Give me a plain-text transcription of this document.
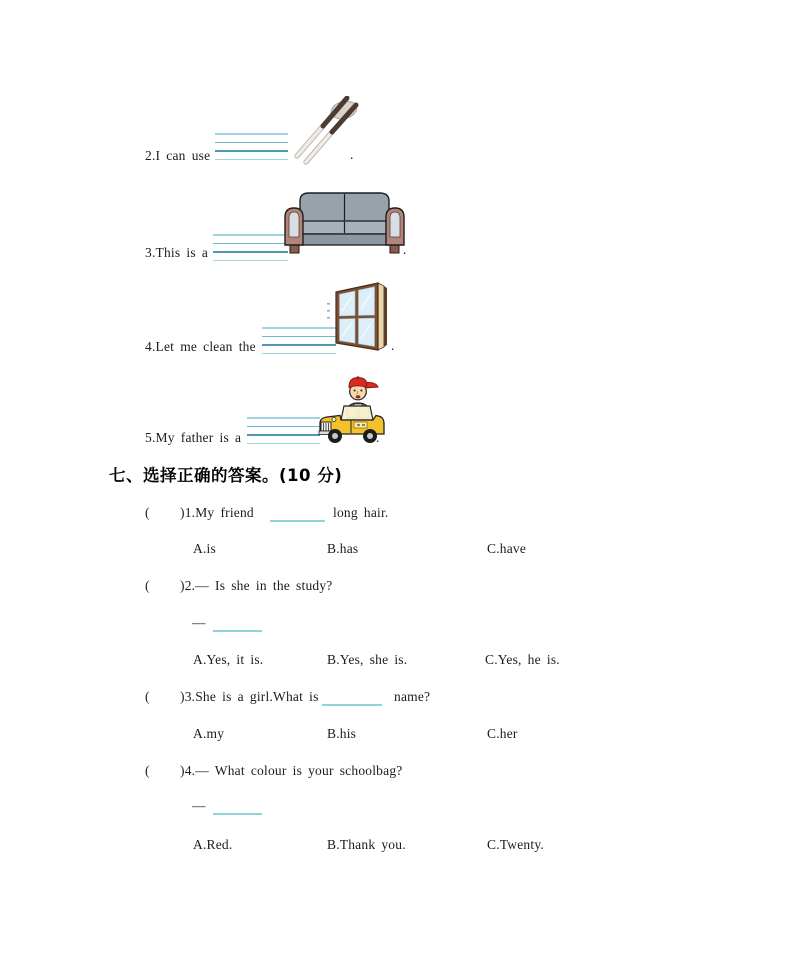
2.I can use	.
3.This is a	.
4.Let me clean the	.
5.My father is a	.
七、选择正确的答案。(10 分)
( )1.My friend	long hair.
A.is	B.has	C.have
( )2.— Is she in the study?
—
A.Yes, it is.	B.Yes, she is.	C.Yes, he is.
( )3.She is a girl.What is	name?
A.my	B.his	C.her
( )4.— What colour is your schoolbag?
—
A.Red.	B.Thank you.	C.Twenty.
